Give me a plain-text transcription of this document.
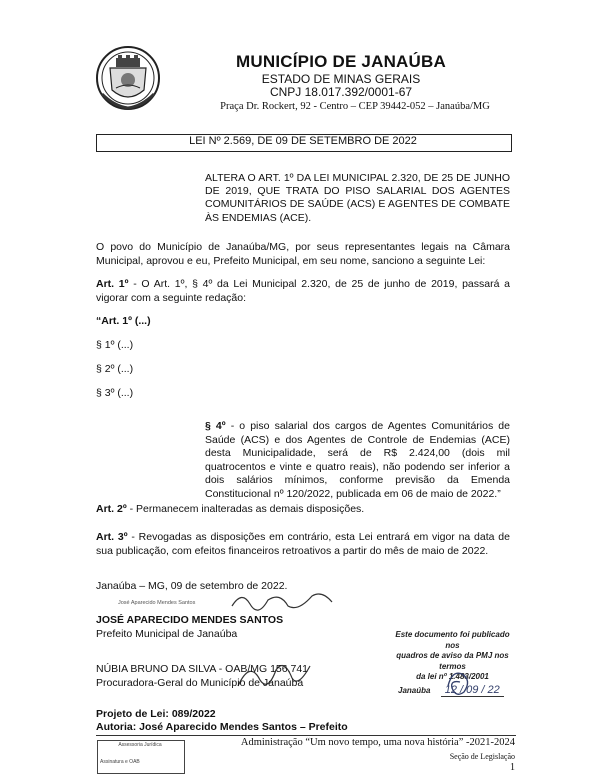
MUNICÍPIO DE JANAÚBA
ESTADO DE MINAS GERAIS
CNPJ 18.017.392/0001-67
Praça Dr. Rockert, 92 - Centro – CEP 39442-052 – Janaúba/MG
LEI Nº 2.569, DE 09 DE SETEMBRO DE 2022
ALTERA O ART. 1º DA LEI MUNICIPAL 2.320, DE 25 DE JUNHO DE 2019, QUE TRATA DO PISO SALARIAL DOS AGENTES COMUNITÁRIOS DE SAÚDE (ACS) E AGENTES DE COMBATE ÀS ENDEMIAS (ACE).
O povo do Município de Janaúba/MG, por seus representantes legais na Câmara Municipal, aprovou e eu, Prefeito Municipal, em seu nome, sanciono a seguinte Lei:
Art. 1º - O Art. 1º, § 4º da Lei Municipal 2.320, de 25 de junho de 2019, passará a vigorar com a seguinte redação:
“Art. 1º (...)
§ 1º (...)
§ 2º (...)
§ 3º (...)
§ 4º - o piso salarial dos cargos de Agentes Comunitários de Saúde (ACS) e dos Agentes de Controle de Endemias (ACE) desta Municipalidade, será de R$ 2.424,00 (dois mil quatrocentos e vinte e quatro reais), não podendo ser inferior a dois salários mínimos, conforme previsão da Emenda Constitucional nº 120/2022, publicada em 06 de maio de 2022.”
Art. 2º - Permanecem inalteradas as demais disposições.
Art. 3º - Revogadas as disposições em contrário, esta Lei entrará em vigor na data de sua publicação, com efeitos financeiros retroativos a partir do mês de maio de 2022.
Janaúba – MG, 09 de setembro de 2022.
José Aparecido Mendes Santos
JOSÉ APARECIDO MENDES SANTOS
Prefeito Municipal de Janaúba
NÚBIA BRUNO DA SILVA - OAB/MG 156.741
Procuradora-Geral do Município de Janaúba
Este documento foi publicado nos
quadros de aviso da PMJ nos termos
da lei nº 1.483/2001
Janaúba 12 / 09 / 22
Projeto de Lei: 089/2022
Autoria: José Aparecido Mendes Santos – Prefeito
Assessoria Jurídica
Assinatura e OAB
Administração “Um novo tempo, uma nova história” -2021-2024
Seção de Legislação
1
